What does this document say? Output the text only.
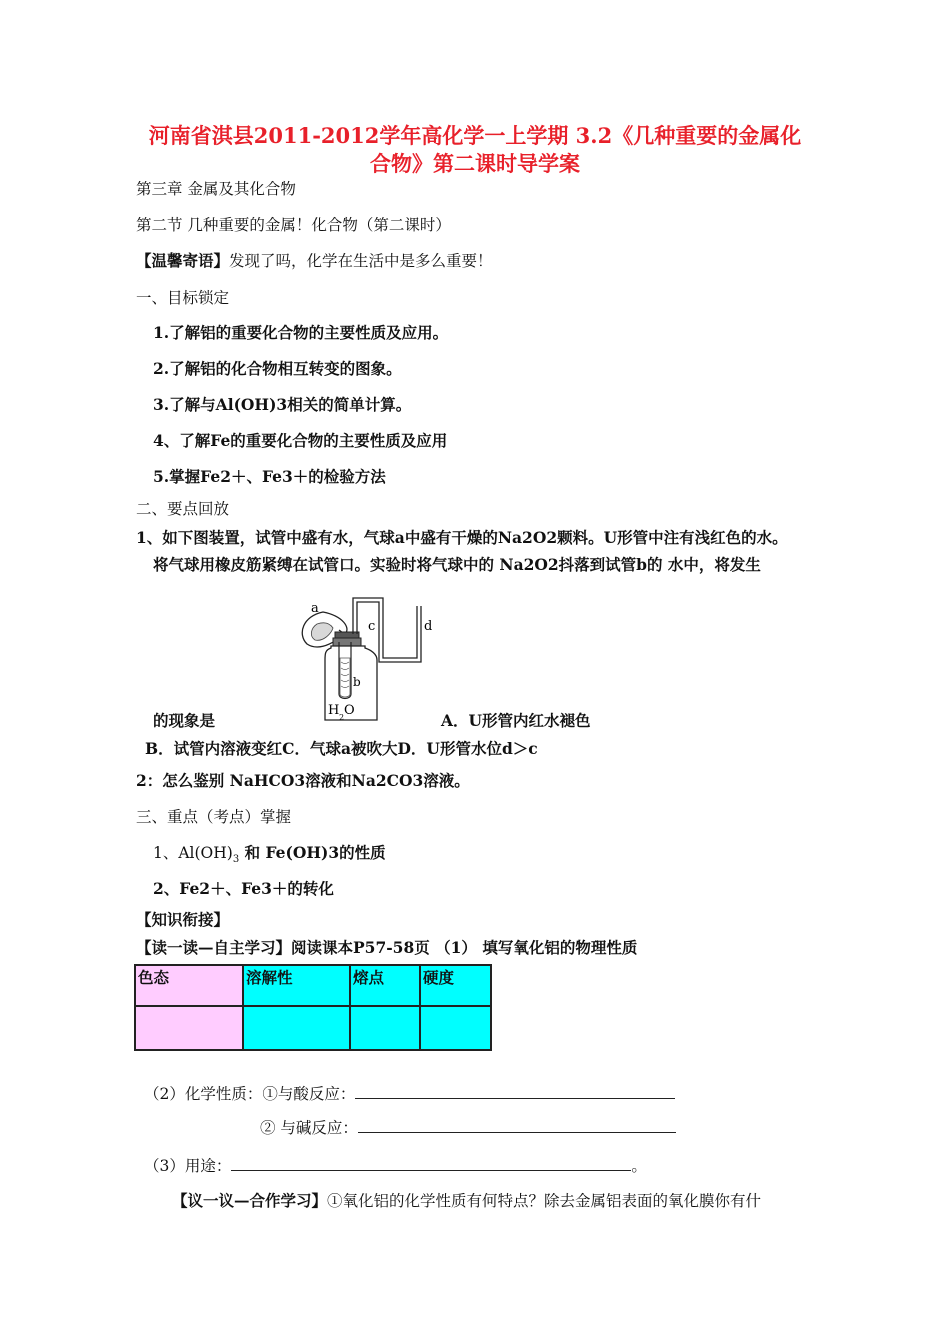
河南省淇县2011-2012学年高化学一上学期 3.2《几种重要的金属化
合物》第二课时导学案
第三章 金属及其化合物
第二节 几种重要的金属！化合物（第二课时）
【温馨寄语】发现了吗，化学在生活中是多么重要！
一、目标锁定
1.了解铝的重要化合物的主要性质及应用。
2.了解铝的化合物相互转变的图象。
3.了解与Al(OH)3相关的简单计算。
4、了解Fe的重要化合物的主要性质及应用
5.掌握Fe2＋、Fe3＋的检验方法
二、要点回放
1、如下图装置，试管中盛有水，气球a中盛有干燥的Na2O2颗料。U形管中注有浅红色的水。
将气球用橡皮筋紧缚在试管口。实验时将气球中的 Na2O2抖落到试管b的 水中，将发生
a
c	d
b
H O
2
的现象是	A．U形管内红水褪色
B．试管内溶液变红C．气球a被吹大D．U形管水位d＞c
2：怎么鉴别 NaHCO3溶液和Na2CO3溶液。
三、重点（考点）掌握
1、$Al(OH)_3$ 和 Fe(OH)3的性质
2、Fe2＋、Fe3＋的转化
【知识衔接】
【读一读—自主学习】阅读课本P57-58页 （1） 填写氧化铝的物理性质
色态	溶解性	熔点	硬度

（2）化学性质：①与酸反应：
② 与碱反应：
（3）用途：	。
【议一议—合作学习】①氧化铝的化学性质有何特点？除去金属铝表面的氧化膜你有什
